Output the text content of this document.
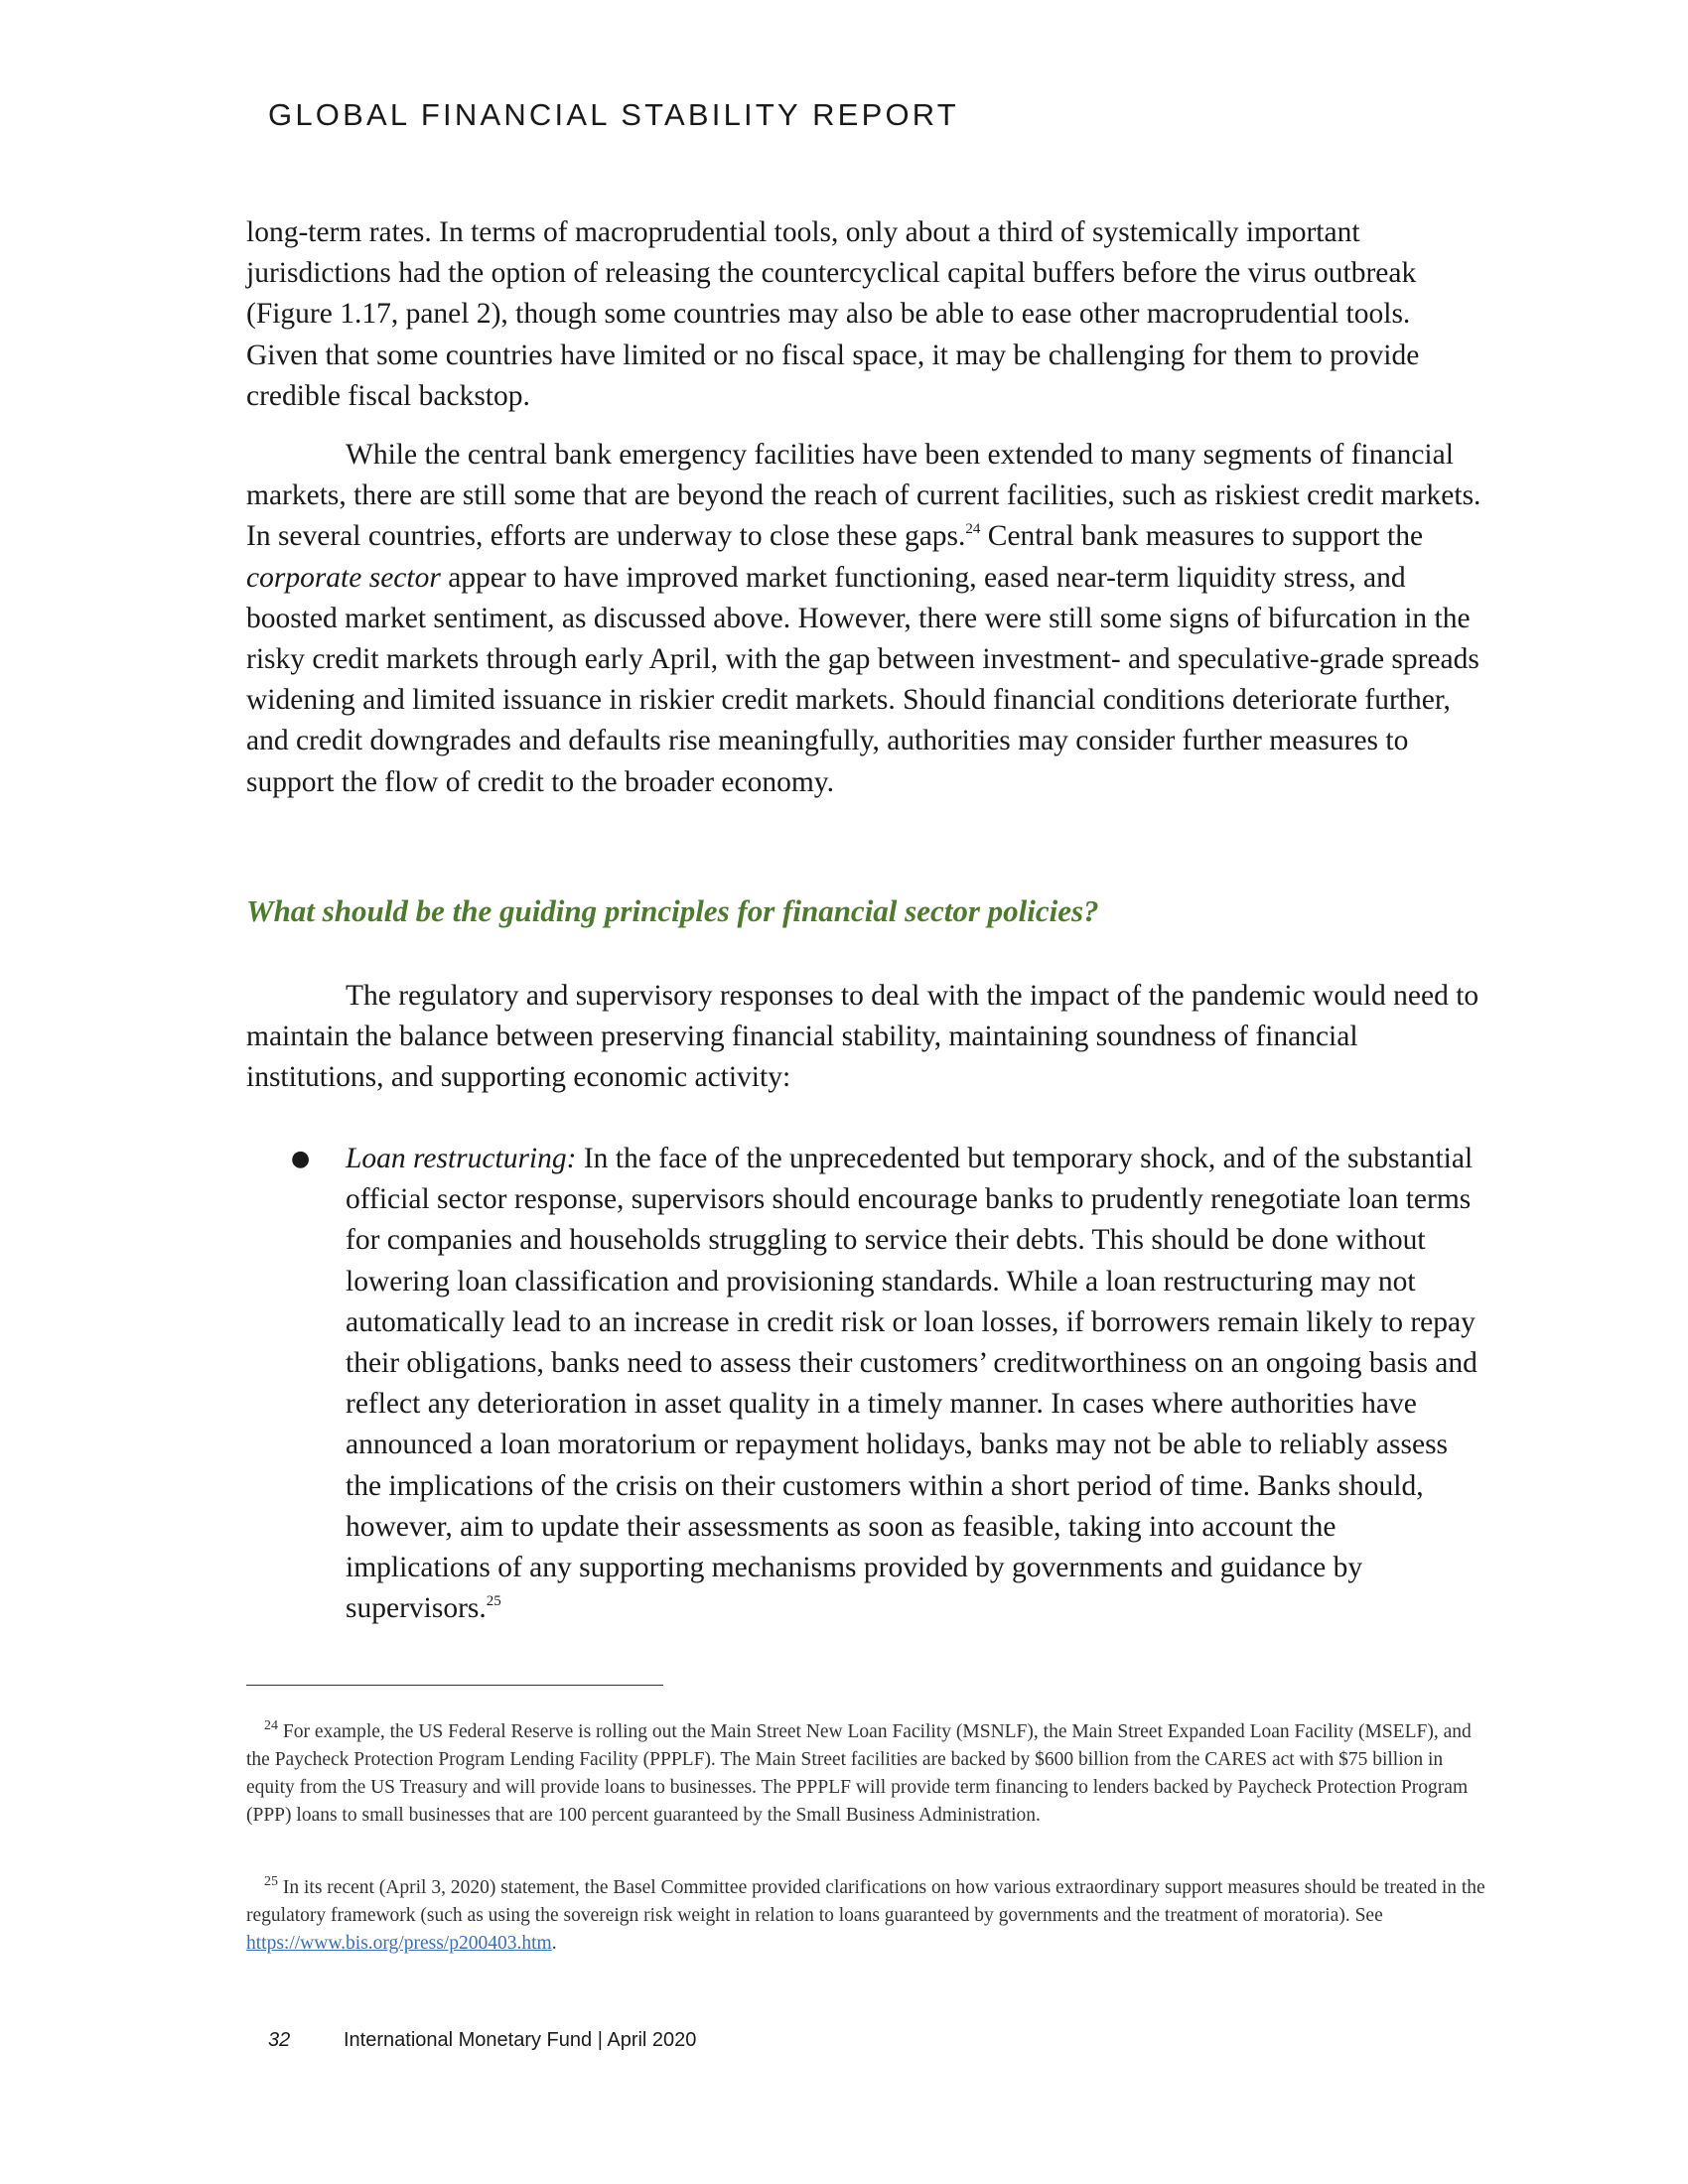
GLOBAL FINANCIAL STABILITY REPORT

long-term rates. In terms of macroprudential tools, only about a third of systemically important jurisdictions had the option of releasing the countercyclical capital buffers before the virus outbreak (Figure 1.17, panel 2), though some countries may also be able to ease other macroprudential tools. Given that some countries have limited or no fiscal space, it may be challenging for them to provide credible fiscal backstop.

While the central bank emergency facilities have been extended to many segments of financial markets, there are still some that are beyond the reach of current facilities, such as riskiest credit markets. In several countries, efforts are underway to close these gaps.$^{24}$ Central bank measures to support the corporate sector appear to have improved market functioning, eased near-term liquidity stress, and boosted market sentiment, as discussed above. However, there were still some signs of bifurcation in the risky credit markets through early April, with the gap between investment- and speculative-grade spreads widening and limited issuance in riskier credit markets. Should financial conditions deteriorate further, and credit downgrades and defaults rise meaningfully, authorities may consider further measures to support the flow of credit to the broader economy.

What should be the guiding principles for financial sector policies?

The regulatory and supervisory responses to deal with the impact of the pandemic would need to maintain the balance between preserving financial stability, maintaining soundness of financial institutions, and supporting economic activity:

● Loan restructuring: In the face of the unprecedented but temporary shock, and of the substantial official sector response, supervisors should encourage banks to prudently renegotiate loan terms for companies and households struggling to service their debts. This should be done without lowering loan classification and provisioning standards. While a loan restructuring may not automatically lead to an increase in credit risk or loan losses, if borrowers remain likely to repay their obligations, banks need to assess their customers’ creditworthiness on an ongoing basis and reflect any deterioration in asset quality in a timely manner. In cases where authorities have announced a loan moratorium or repayment holidays, banks may not be able to reliably assess the implications of the crisis on their customers within a short period of time. Banks should, however, aim to update their assessments as soon as feasible, taking into account the implications of any supporting mechanisms provided by governments and guidance by supervisors.$^{25}$

$^{24}$ For example, the US Federal Reserve is rolling out the Main Street New Loan Facility (MSNLF), the Main Street Expanded Loan Facility (MSELF), and the Paycheck Protection Program Lending Facility (PPPLF). The Main Street facilities are backed by $600 billion from the CARES act with $75 billion in equity from the US Treasury and will provide loans to businesses. The PPPLF will provide term financing to lenders backed by Paycheck Protection Program (PPP) loans to small businesses that are 100 percent guaranteed by the Small Business Administration.

$^{25}$ In its recent (April 3, 2020) statement, the Basel Committee provided clarifications on how various extraordinary support measures should be treated in the regulatory framework (such as using the sovereign risk weight in relation to loans guaranteed by governments and the treatment of moratoria). See https://www.bis.org/press/p200403.htm.

32	International Monetary Fund | April 2020
